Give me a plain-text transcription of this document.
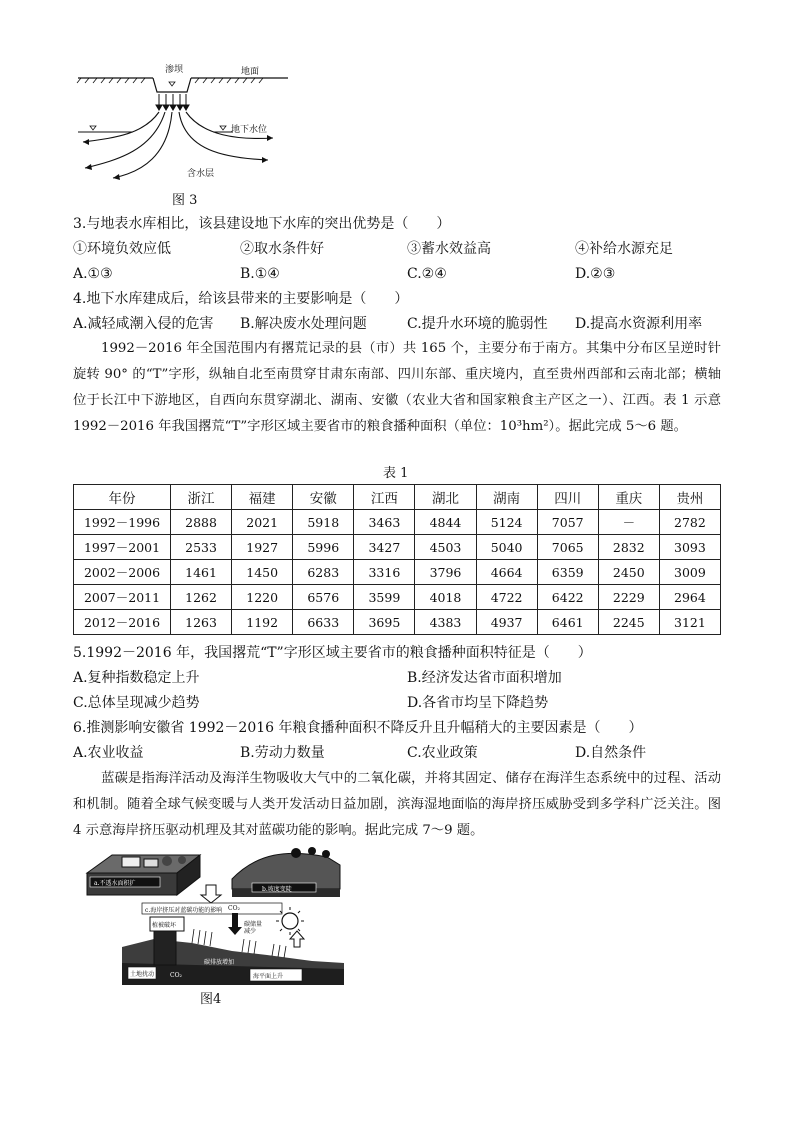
渗坝	地面
地下水位
含水层
图 3
3.与地表水库相比，该县建设地下水库的突出优势是（　　）
①环境负效应低	②取水条件好	③蓄水效益高	④补给水源充足
A.①③	B.①④	C.②④	D.②③
4.地下水库建成后，给该县带来的主要影响是（　　）
A.减轻咸潮入侵的危害 B.解决废水处理问题	C.提升水环境的脆弱性 D.提高水资源利用率
1992－2016 年全国范围内有撂荒记录的县（市）共 165 个，主要分布于南方。其集中分布区呈逆时针旋转 90° 的“T”字形，纵轴自北至南贯穿甘肃东南部、四川东部、重庆境内，直至贵州西部和云南北部；横轴位于长江中下游地区，自西向东贯穿湖北、湖南、安徽（农业大省和国家粮食主产区之一）、江西。表 1 示意 1992－2016 年我国撂荒“T”字形区域主要省市的粮食播种面积（单位：10³hm²）。据此完成 5～6 题。
表 1
年份	浙江	福建	安徽	江西	湖北	湖南	四川	重庆	贵州
1992－1996	2888	2021	5918	3463	4844	5124	7057	－	2782
1997－2001	2533	1927	5996	3427	4503	5040	7065	2832	3093
2002－2006	1461	1450	6283	3316	3796	4664	6359	2450	3009
2007－2011	1262	1220	6576	3599	4018	4722	6422	2229	2964
2012－2016	1263	1192	6633	3695	4383	4937	6461	2245	3121
5.1992－2016 年，我国撂荒“T”字形区域主要省市的粮食播种面积特征是（　　）
A.复种指数稳定上升	B.经济发达省市面积增加
C.总体呈现减少趋势	D.各省市均呈下降趋势
6.推测影响安徽省 1992－2016 年粮食播种面积不降反升且升幅稍大的主要因素是（　　）
A.农业收益	B.劳动力数量	C.农业政策	D.自然条件
蓝碳是指海洋活动及海洋生物吸收大气中的二氧化碳，并将其固定、储存在海洋生态系统中的过程、活动和机制。随着全球气候变暖与人类开发活动日益加剧，滨海湿地面临的海岸挤压威胁受到多学科广泛关注。图 4 示意海岸挤压驱动机理及其对蓝碳功能的影响。据此完成 7～9 题。
a.不透水面积扩
b.坡度变陡
c.海岸挤压对蓝碳功能的影响
植被破坏
CO₂
碳储量减少
土地扰动	CO₂
碳排放增加
海平面上升
图4
